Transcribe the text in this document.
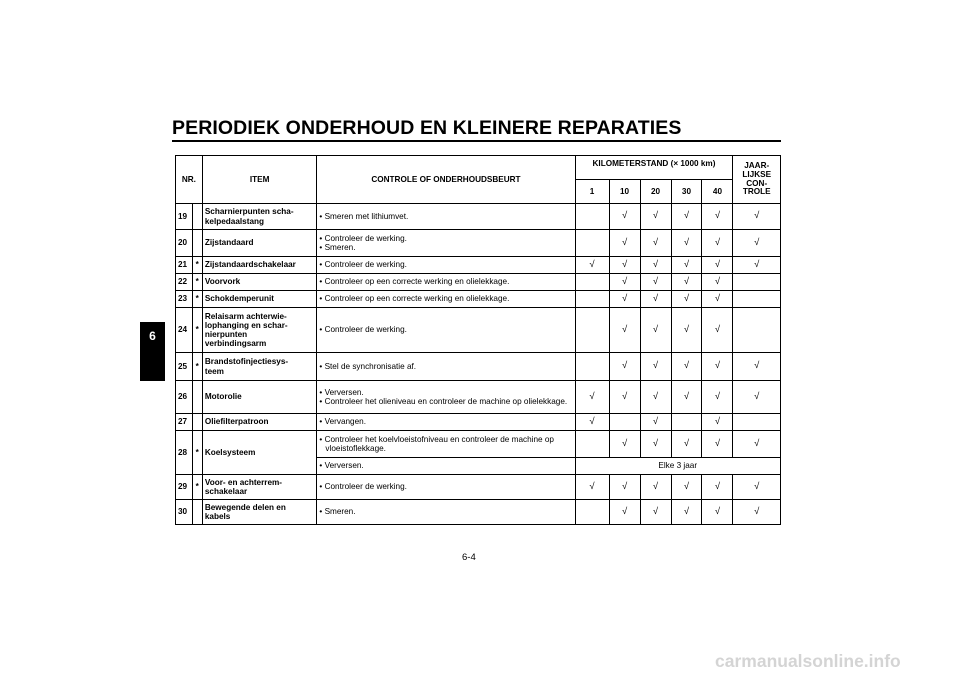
PERIODIEK ONDERHOUD EN KLEINERE REPARATIES
6
NR.		ITEM	CONTROLE OF ONDERHOUDSBEURT	KILOMETERSTAND (× 1000 km)					JAAR-
LIJKSE
CON-
TROLE

				1	10	20	30	40	
19		Scharnierpunten scha-
kelpedaalstang	• Smeren met lithiumvet.		√	√	√	√	√
20		Zijstandaard	• Controleer de werking.
• Smeren.		√	√	√	√	√
21	*	Zijstandaardschakelaar	• Controleer de werking.	√	√	√	√	√	√
22	*	Voorvork	• Controleer op een correcte werking en olielekkage.		√	√	√	√	
23	*	Schokdemperunit	• Controleer op een correcte werking en olielekkage.		√	√	√	√	
24	*	Relaisarm achterwie-
lophanging en schar-
nierpunten
verbindingsarm	• Controleer de werking.		√	√	√	√	
25	*	Brandstofinjectiesys-
teem	• Stel de synchronisatie af.		√	√	√	√	√
26		Motorolie	• Verversen.
• Controleer het olieniveau en controleer de machine op olielekkage.	√	√	√	√	√	√
27		Oliefilterpatroon	• Vervangen.	√		√		√	
28	*	Koelsysteem	• Controleer het koelvloeistofniveau en controleer de machine op vloeistoflekkage.		√	√	√	√	√

			• Verversen.	Elke 3 jaar					
29	*	Voor- en achterrem-
schakelaar	• Controleer de werking.	√	√	√	√	√	√
30		Bewegende delen en
kabels	• Smeren.		√	√	√	√	√
6-4
carmanualsonline.info
